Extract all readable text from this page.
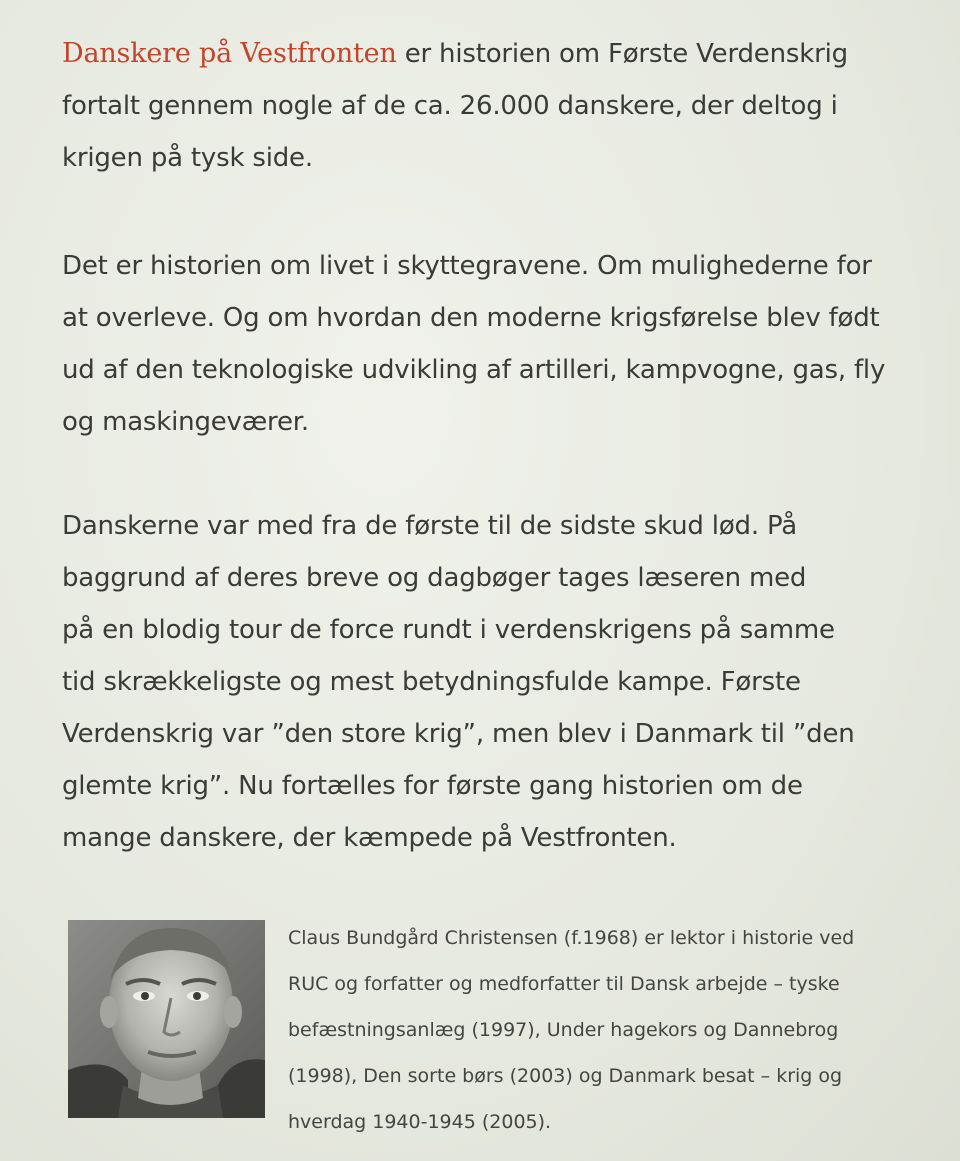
Danskere på Vestfronten er historien om Første Verdenskrig
fortalt gennem nogle af de ca. 26.000 danskere, der deltog i
krigen på tysk side.
Det er historien om livet i skyttegravene. Om mulighederne for
at overleve. Og om hvordan den moderne krigsførelse blev født
ud af den teknologiske udvikling af artilleri, kampvogne, gas, fly
og maskingeværer.
Danskerne var med fra de første til de sidste skud lød. På
baggrund af deres breve og dagbøger tages læseren med
på en blodig tour de force rundt i verdenskrigens på samme
tid skrækkeligste og mest betydningsfulde kampe. Første
Verdenskrig var ”den store krig”, men blev i Danmark til ”den
glemte krig”. Nu fortælles for første gang historien om de
mange danskere, der kæmpede på Vestfronten.
Claus Bundgård Christensen (f.1968) er lektor i historie ved
RUC og forfatter og medforfatter til Dansk arbejde – tyske
befæstningsanlæg (1997), Under hagekors og Dannebrog
(1998), Den sorte børs (2003) og Danmark besat – krig og
hverdag 1940-1945 (2005).
